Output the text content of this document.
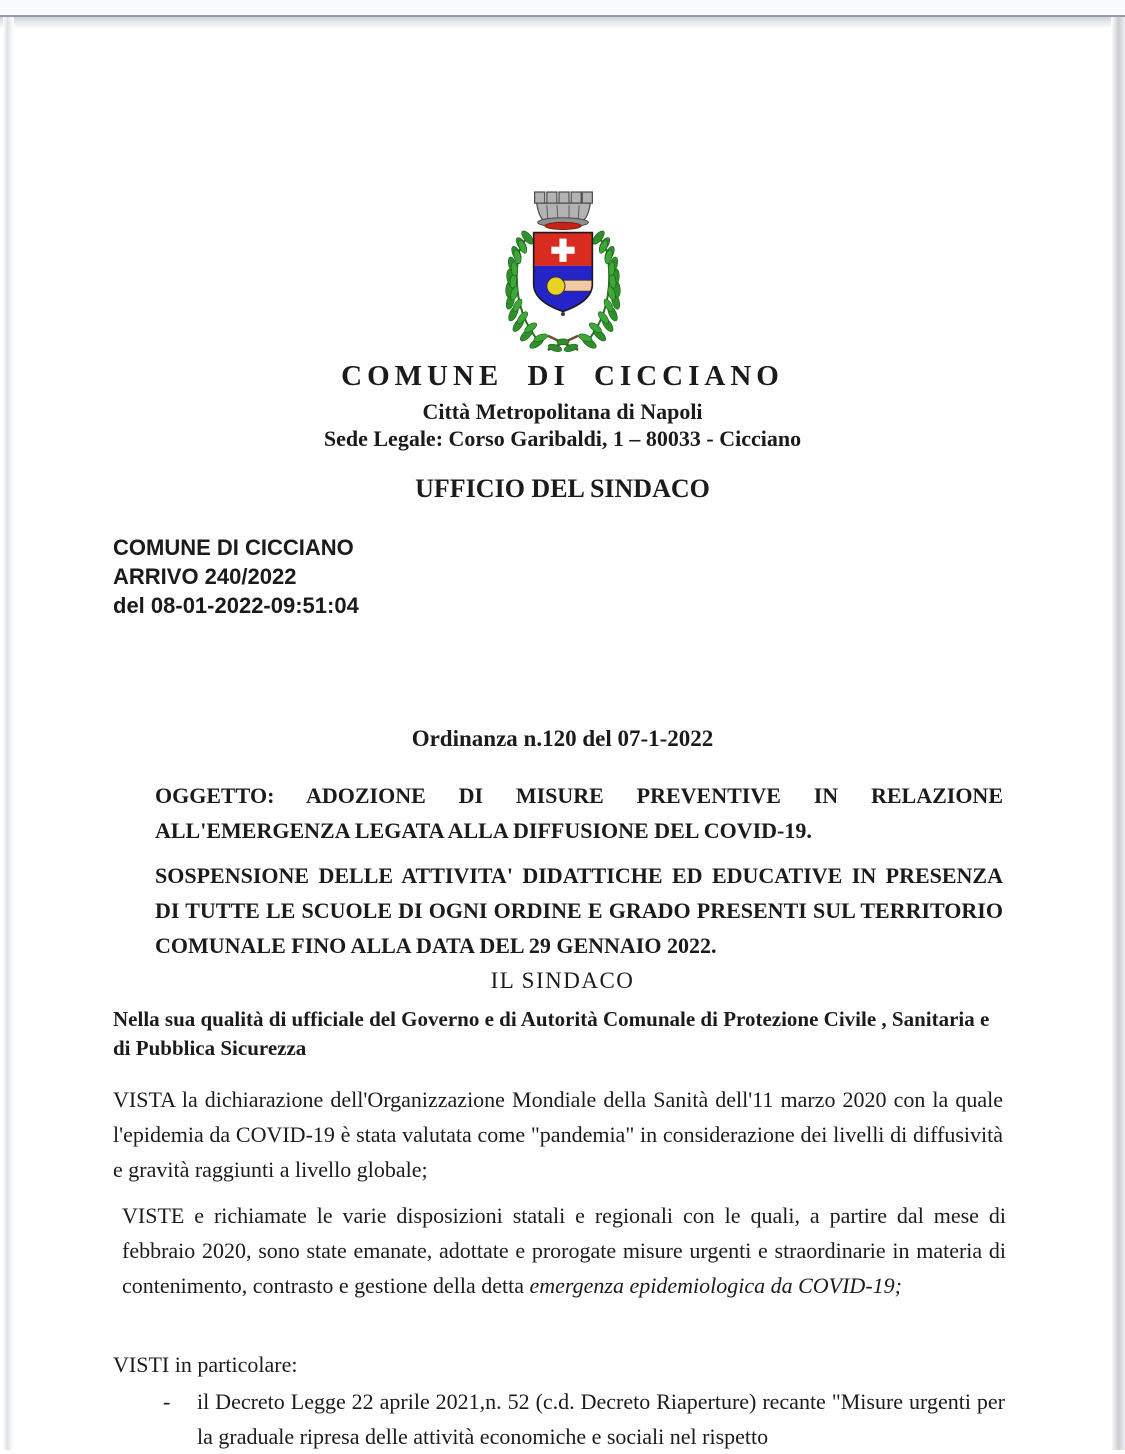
COMUNE DI CICCIANO
Città Metropolitana di Napoli
Sede Legale: Corso Garibaldi, 1 – 80033 - Cicciano
UFFICIO DEL SINDACO
COMUNE DI CICCIANO
ARRIVO 240/2022
del 08-01-2022-09:51:04
Ordinanza n.120 del 07-1-2022

OGGETTO: ADOZIONE DI MISURE PREVENTIVE IN RELAZIONE ALL'EMERGENZA LEGATA ALLA DIFFUSIONE DEL COVID-19.

SOSPENSIONE DELLE ATTIVITA' DIDATTICHE ED EDUCATIVE IN PRESENZA DI TUTTE LE SCUOLE DI OGNI ORDINE E GRADO PRESENTI SUL TERRITORIO COMUNALE FINO ALLA DATA DEL 29 GENNAIO 2022.

IL SINDACO
Nella sua qualità di ufficiale del Governo e di Autorità Comunale di Protezione Civile , Sanitaria e di Pubblica Sicurezza
VISTA la dichiarazione dell'Organizzazione Mondiale della Sanità dell'11 marzo 2020 con la quale l'epidemia da COVID-19 è stata valutata come "pandemia" in considerazione dei livelli di diffusività e gravità raggiunti a livello globale;

VISTE e richiamate le varie disposizioni statali e regionali con le quali, a partire dal mese di febbraio 2020, sono state emanate, adottate e prorogate misure urgenti e straordinarie in materia di contenimento, contrasto e gestione della detta emergenza epidemiologica da COVID-19;

VISTI in particolare:
-	il Decreto Legge 22 aprile 2021,n. 52 (c.d. Decreto Riaperture) recante "Misure urgenti per la graduale ripresa delle attività economiche e sociali nel rispetto
